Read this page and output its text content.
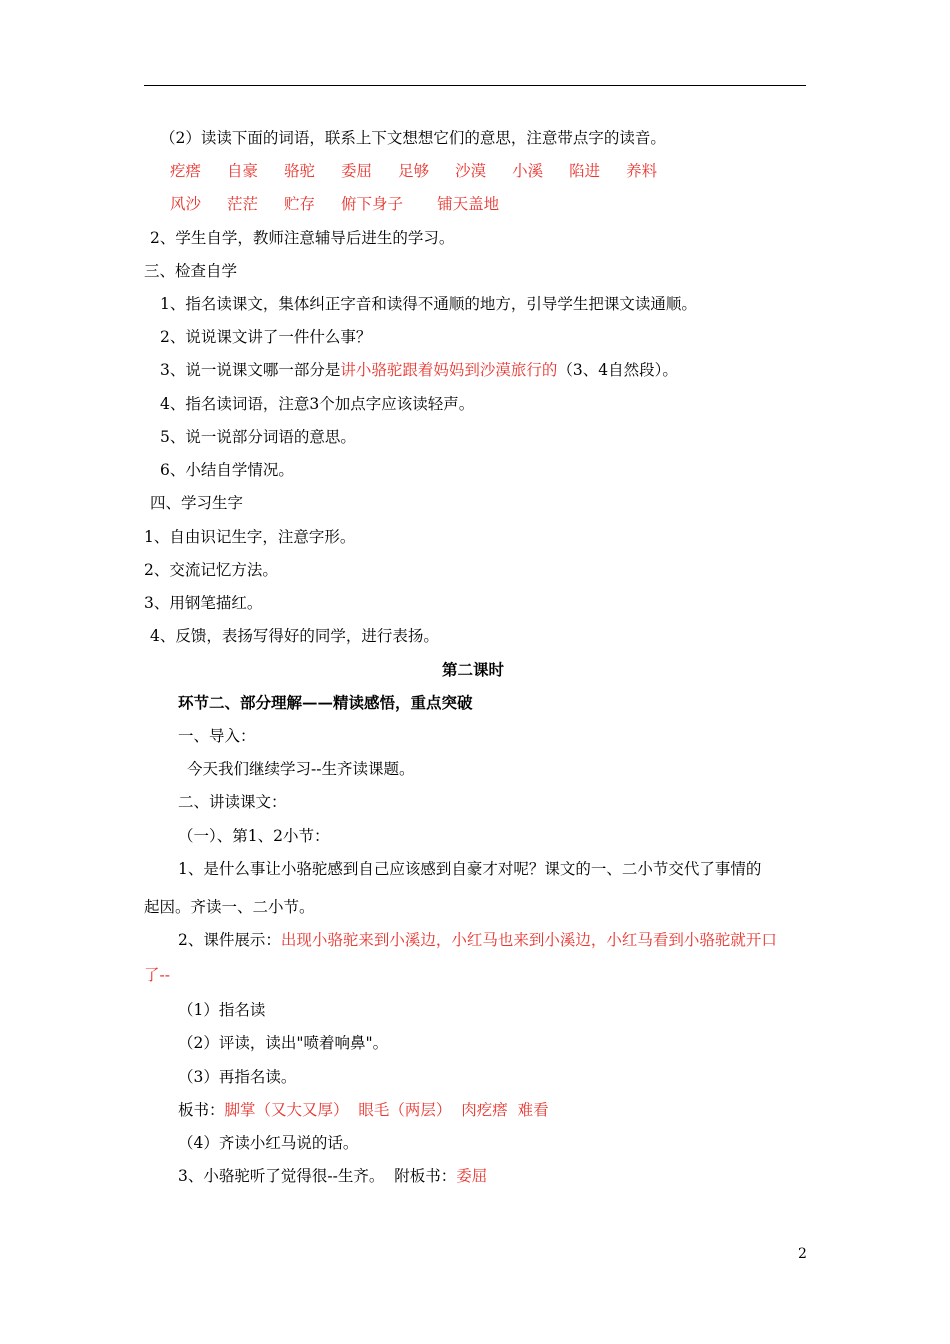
（2）读读下面的词语，联系上下文想想它们的意思，注意带点字的读音。
疙瘩 自豪 骆驼 委屈 足够 沙漠 小溪 陷进 养料
风沙 茫茫 贮存 俯下身子 铺天盖地
2、学生自学，教师注意辅导后进生的学习。
三、检查自学
1、指名读课文，集体纠正字音和读得不通顺的地方，引导学生把课文读通顺。
2、说说课文讲了一件什么事？
3、说一说课文哪一部分是讲小骆驼跟着妈妈到沙漠旅行的（3、4自然段）。
4、指名读词语，注意3个加点字应该读轻声。
5、说一说部分词语的意思。
6、小结自学情况。
四、学习生字
1、自由识记生字，注意字形。
2、交流记忆方法。
3、用钢笔描红。
4、反馈，表扬写得好的同学，进行表扬。
第二课时
环节二、部分理解——精读感悟，重点突破
一、导入：
今天我们继续学习--生齐读课题。
二、讲读课文：
（一）、第1、2小节：
1、是什么事让小骆驼感到自己应该感到自豪才对呢？课文的一、二小节交代了事情的
起因。齐读一、二小节。
2、课件展示：出现小骆驼来到小溪边，小红马也来到小溪边，小红马看到小骆驼就开口
了--
（1）指名读
（2）评读，读出"喷着响鼻"。
（3）再指名读。
板书：脚掌（又大又厚）  眼毛（两层）  肉疙瘩  难看
（4）齐读小红马说的话。
3、小骆驼听了觉得很--生齐。  附板书：委屈
2
